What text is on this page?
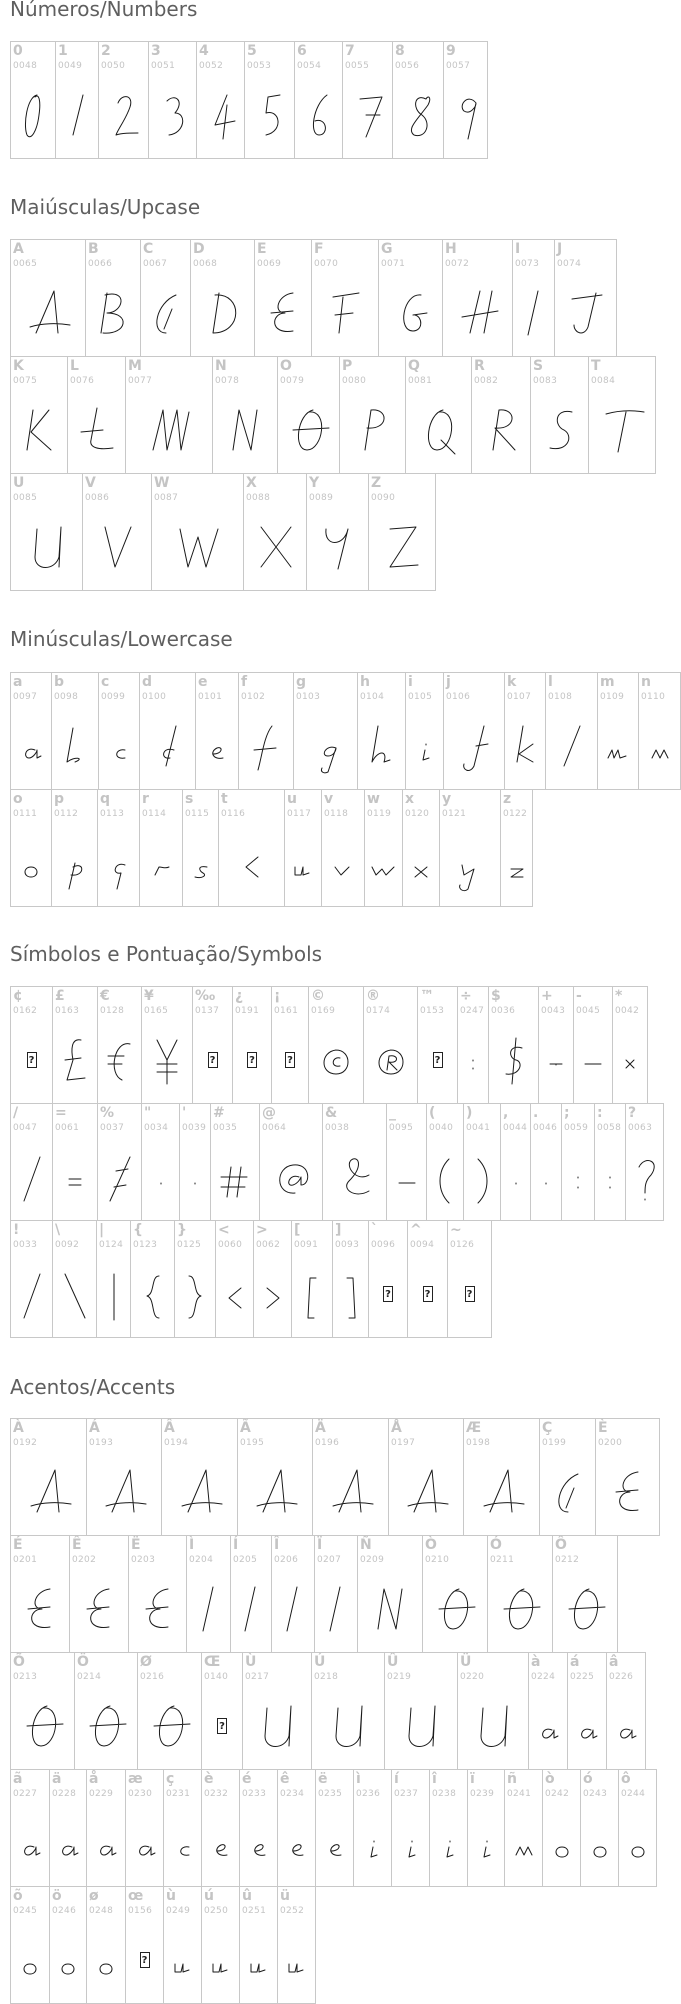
Números/Numbers
Maiúsculas/Upcase
Minúsculas/Lowercase
Símbolos e Pontuação/Symbols
Acentos/Accents
0
0048
1
0049
2
0050
3
0051
4
0052
5
0053
6
0054
7
0055
8
0056
9
0057
A
0065
B
0066
C
0067
D
0068
E
0069
F
0070
G
0071
H
0072
I
0073
J
0074
K
0075
L
0076
M
0077
N
0078
O
0079
P
0080
Q
0081
R
0082
S
0083
T
0084
U
0085
V
0086
W
0087
X
0088
Y
0089
Z
0090
a
0097
b
0098
c
0099
d
0100
e
0101
f
0102
g
0103
h
0104
i
0105
j
0106
k
0107
l
0108
m
0109
n
0110
o
0111
p
0112
q
0113
r
0114
s
0115
t
0116
u
0117
v
0118
w
0119
x
0120
y
0121
z
0122
¢
0162
?
£
0163
€
0128
¥
0165
‰
0137
?
¿
0191
?
¡
0161
?
©
0169
®
0174
™
0153
?
÷
0247
$
0036
+
0043
-
0045
*
0042
/
0047
=
0061
%
0037
"
0034
'
0039
#
0035
@
0064
&
0038
_
0095
(
0040
)
0041
,
0044
.
0046
;
0059
:
0058
?
0063
!
0033
\
0092
|
0124
{
0123
}
0125
<
0060
>
0062
[
0091
]
0093
`
0096
?
^
0094
?
~
0126
?
À
0192
Á
0193
Â
0194
Ã
0195
Ä
0196
Å
0197
Æ
0198
Ç
0199
È
0200
É
0201
Ê
0202
Ë
0203
Ì
0204
Í
0205
Î
0206
Ï
0207
Ñ
0209
Ò
0210
Ó
0211
Ô
0212
Õ
0213
Ö
0214
Ø
0216
Œ
0140
?
Ù
0217
Ú
0218
Û
0219
Ü
0220
à
0224
á
0225
â
0226
ã
0227
ä
0228
å
0229
æ
0230
ç
0231
è
0232
é
0233
ê
0234
ë
0235
ì
0236
í
0237
î
0238
ï
0239
ñ
0241
ò
0242
ó
0243
ô
0244
õ
0245
ö
0246
ø
0248
œ
0156
?
ù
0249
ú
0250
û
0251
ü
0252
